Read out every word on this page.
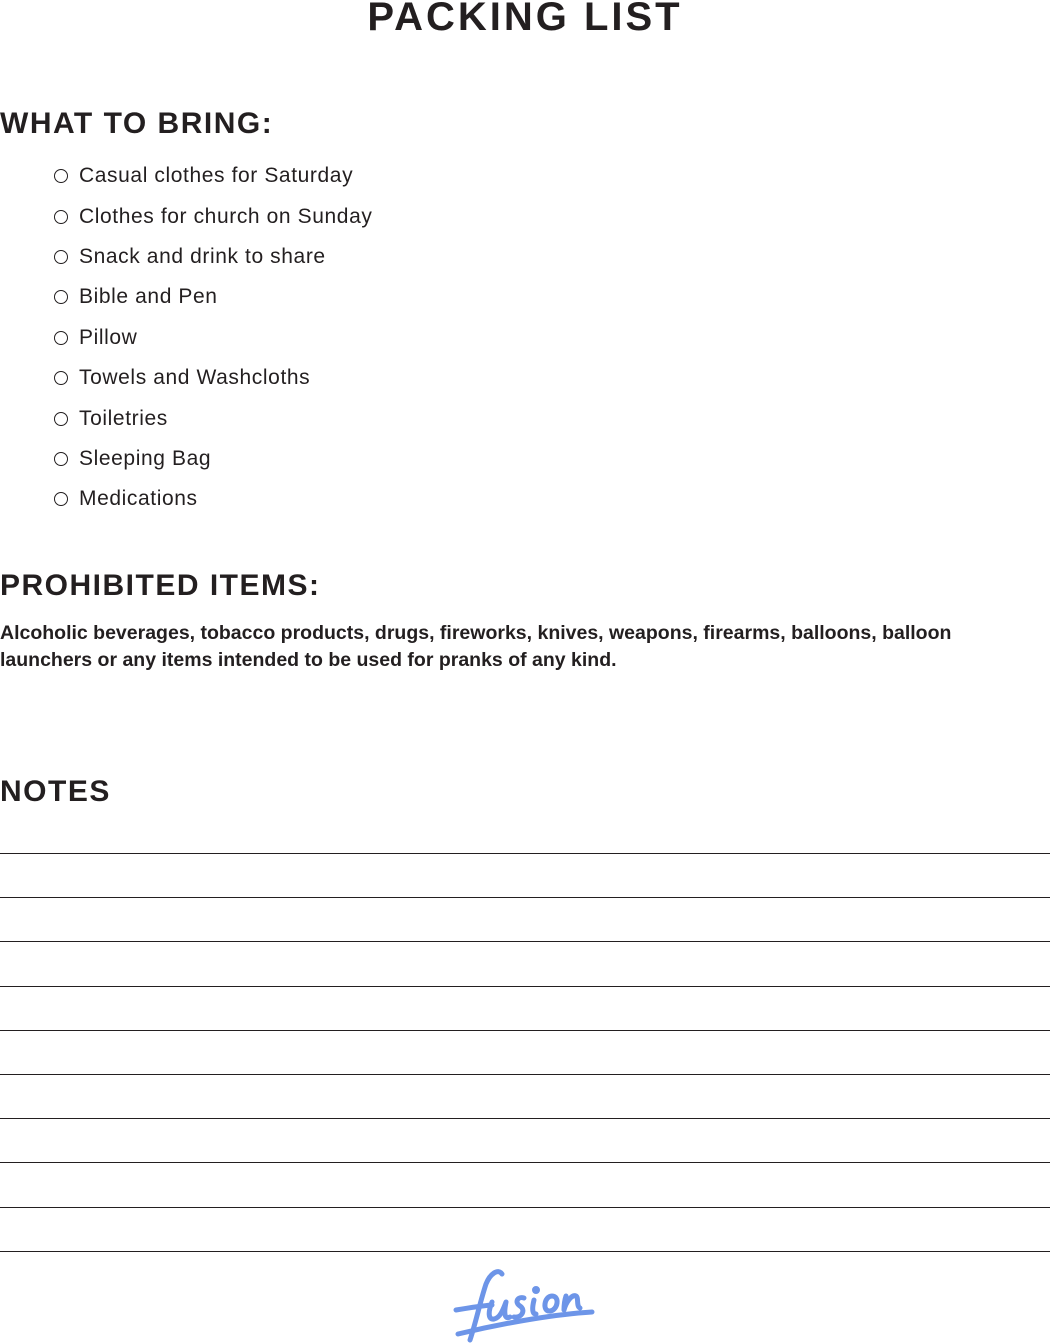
PACKING LIST
WHAT TO BRING:
Casual clothes for Saturday
Clothes for church on Sunday
Snack and drink to share
Bible and Pen
Pillow
Towels and Washcloths
Toiletries
Sleeping Bag
Medications
PROHIBITED ITEMS:

Alcoholic beverages, tobacco products, drugs, fireworks, knives, weapons, firearms, balloons, balloon launchers or any items intended to be used for pranks of any kind.

NOTES
